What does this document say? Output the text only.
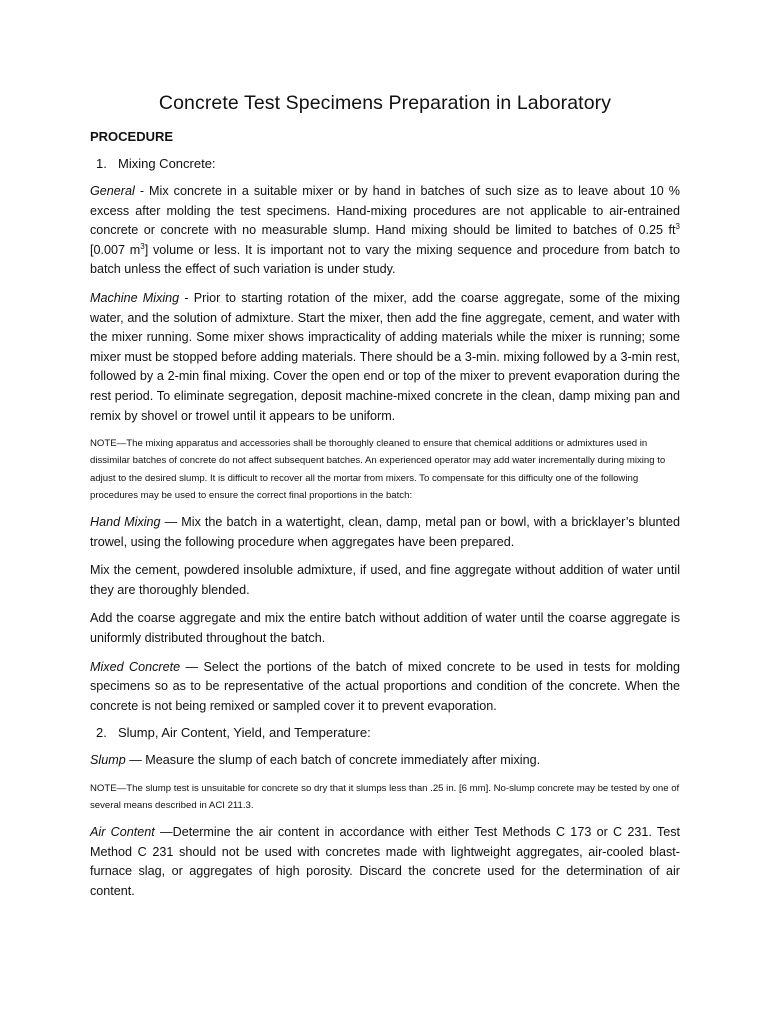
Concrete Test Specimens Preparation in Laboratory
PROCEDURE
1. Mixing Concrete:

General - Mix concrete in a suitable mixer or by hand in batches of such size as to leave about 10 % excess after molding the test specimens. Hand-mixing procedures are not applicable to air-entrained concrete or concrete with no measurable slump. Hand mixing should be limited to batches of 0.25 $ft^3$ [0.007 $m^3$] volume or less. It is important not to vary the mixing sequence and procedure from batch to batch unless the effect of such variation is under study.

Machine Mixing - Prior to starting rotation of the mixer, add the coarse aggregate, some of the mixing water, and the solution of admixture. Start the mixer, then add the fine aggregate, cement, and water with the mixer running. Some mixer shows impracticality of adding materials while the mixer is running; some mixer must be stopped before adding materials. There should be a 3-min. mixing followed by a 3-min rest, followed by a 2-min final mixing. Cover the open end or top of the mixer to prevent evaporation during the rest period. To eliminate segregation, deposit machine-mixed concrete in the clean, damp mixing pan and remix by shovel or trowel until it appears to be uniform.

NOTE—The mixing apparatus and accessories shall be thoroughly cleaned to ensure that chemical additions or admixtures used in dissimilar batches of concrete do not affect subsequent batches. An experienced operator may add water incrementally during mixing to adjust to the desired slump. It is difficult to recover all the mortar from mixers. To compensate for this difficulty one of the following procedures may be used to ensure the correct final proportions in the batch:

Hand Mixing — Mix the batch in a watertight, clean, damp, metal pan or bowl, with a bricklayer’s blunted trowel, using the following procedure when aggregates have been prepared.

Mix the cement, powdered insoluble admixture, if used, and fine aggregate without addition of water until they are thoroughly blended.

Add the coarse aggregate and mix the entire batch without addition of water until the coarse aggregate is uniformly distributed throughout the batch.

Mixed Concrete — Select the portions of the batch of mixed concrete to be used in tests for molding specimens so as to be representative of the actual proportions and condition of the concrete. When the concrete is not being remixed or sampled cover it to prevent evaporation.

2. Slump, Air Content, Yield, and Temperature:

Slump — Measure the slump of each batch of concrete immediately after mixing.

NOTE—The slump test is unsuitable for concrete so dry that it slumps less than .25 in. [6 mm]. No-slump concrete may be tested by one of several means described in ACI 211.3.

Air Content —Determine the air content in accordance with either Test Methods C 173 or C 231. Test Method C 231 should not be used with concretes made with lightweight aggregates, air-cooled blast-furnace slag, or aggregates of high porosity. Discard the concrete used for the determination of air content.
